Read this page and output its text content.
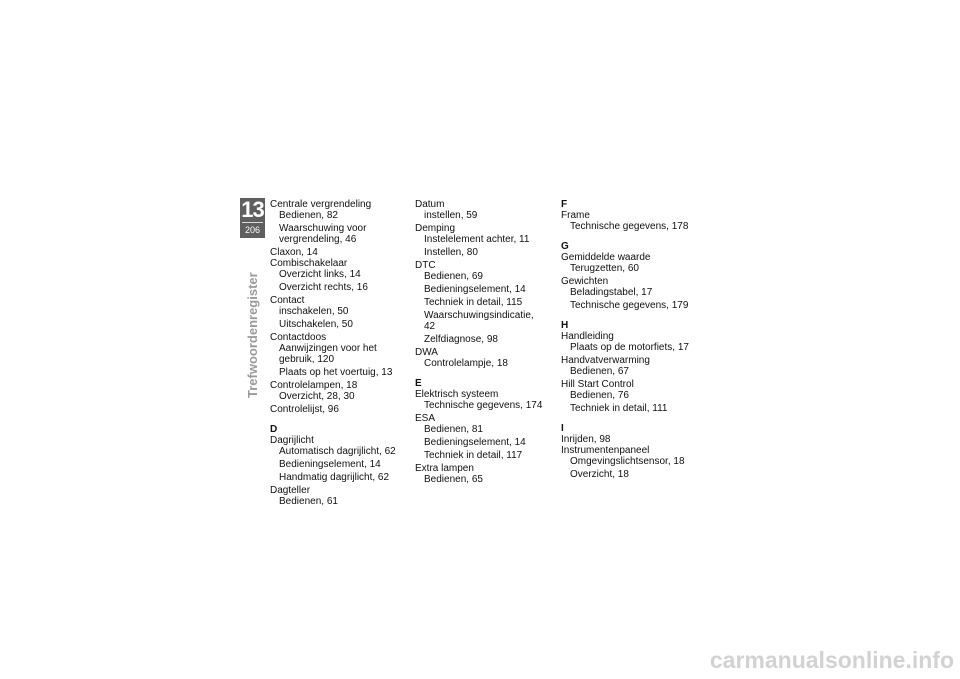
13
206
Trefwoordenregister
Centrale vergrendeling
Bedienen, 82
Waarschuwing voor vergrendeling, 46
Claxon, 14
Combischakelaar
Overzicht links, 14
Overzicht rechts, 16
Contact
inschakelen, 50
Uitschakelen, 50
Contactdoos
Aanwijzingen voor het gebruik, 120
Plaats op het voertuig, 13
Controlelampen, 18
Overzicht, 28, 30
Controlelijst, 96
D
Dagrijlicht
Automatisch dagrijlicht, 62
Bedieningselement, 14
Handmatig dagrijlicht, 62
Dagteller
Bedienen, 61
Datum
instellen, 59
Demping
Instelelement achter, 11
Instellen, 80
DTC
Bedienen, 69
Bedieningselement, 14
Techniek in detail, 115
Waarschuwingsindicatie, 42
Zelfdiagnose, 98
DWA
Controlelampje, 18
E
Elektrisch systeem
Technische gegevens, 174
ESA
Bedienen, 81
Bedieningselement, 14
Techniek in detail, 117
Extra lampen
Bedienen, 65
F
Frame
Technische gegevens, 178
G
Gemiddelde waarde
Terugzetten, 60
Gewichten
Beladingstabel, 17
Technische gegevens, 179
H
Handleiding
Plaats op de motorfiets, 17
Handvatverwarming
Bedienen, 67
Hill Start Control
Bedienen, 76
Techniek in detail, 111
I
Inrijden, 98
Instrumentenpaneel
Omgevingslichtsensor, 18
Overzicht, 18
carmanualsonline.info
